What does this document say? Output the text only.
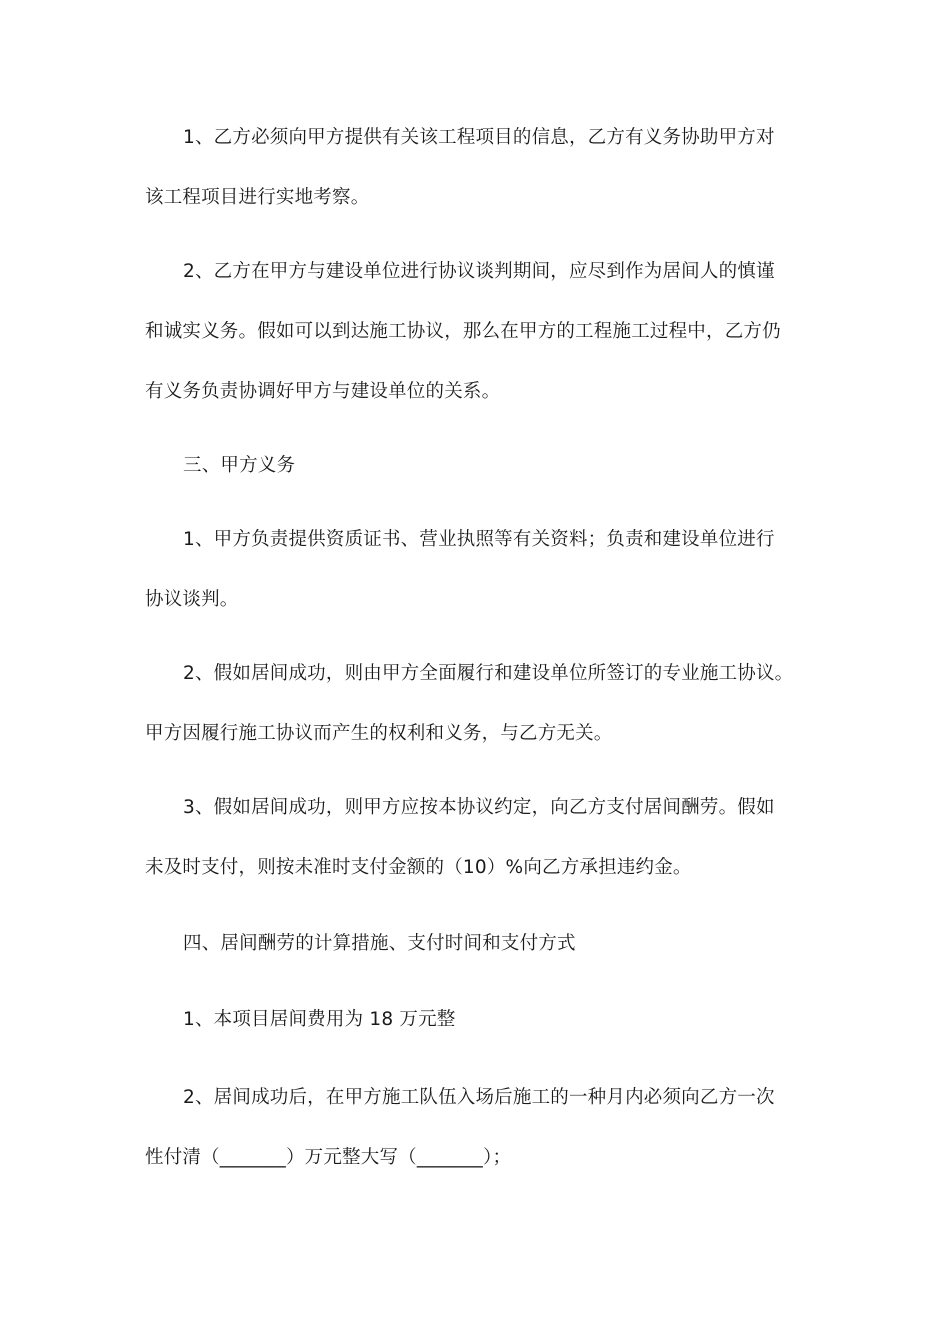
1、乙方必须向甲方提供有关该工程项目的信息，乙方有义务协助甲方对
该工程项目进行实地考察。
2、乙方在甲方与建设单位进行协议谈判期间，应尽到作为居间人的慎谨
和诚实义务。假如可以到达施工协议，那么在甲方的工程施工过程中，乙方仍
有义务负责协调好甲方与建设单位的关系。
三、甲方义务
1、甲方负责提供资质证书、营业执照等有关资料；负责和建设单位进行
协议谈判。
2、假如居间成功，则由甲方全面履行和建设单位所签订的专业施工协议。
甲方因履行施工协议而产生的权利和义务，与乙方无关。
3、假如居间成功，则甲方应按本协议约定，向乙方支付居间酬劳。假如
未及时支付，则按未准时支付金额的（10）%向乙方承担违约金。
四、居间酬劳的计算措施、支付时间和支付方式
1、本项目居间费用为 18 万元整
2、居间成功后，在甲方施工队伍入场后施工的一种月内必须向乙方一次
性付清（_______）万元整大写（_______）；
